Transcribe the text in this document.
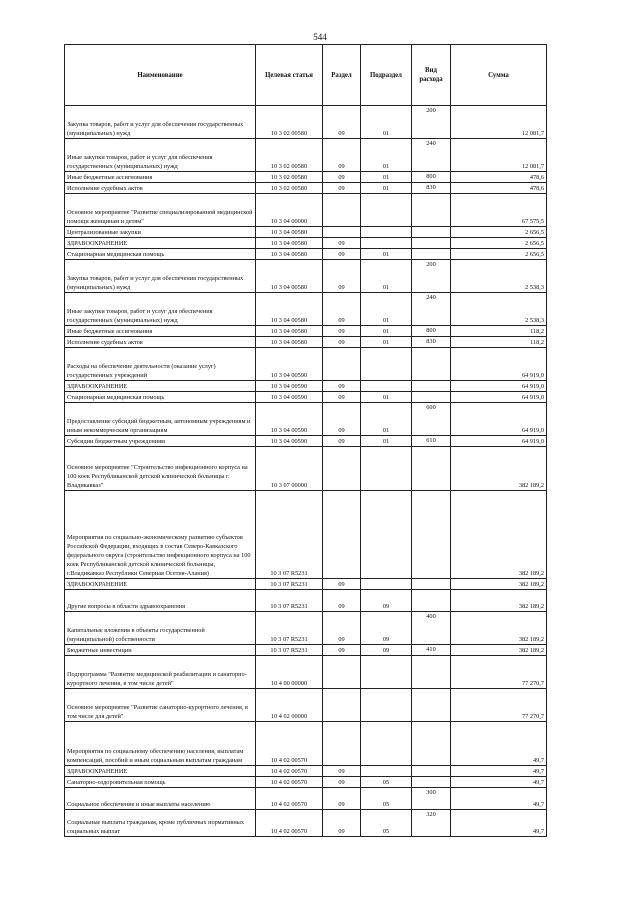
544
Наименование	Целевая статья	Раздел	Подраздел	Вид расхода	Сумма
Закупка товаров, работ и услуг для обеспечения государственных (муниципальных) нужд	10 3 02 00580	09	01	200	12 081,7
Иные закупки товаров, работ и услуг для обеспечения государственных (муниципальных) нужд	10 3 02 00580	09	01	240	12 081,7
Иные бюджетные ассигнования	10 3 02 00580	09	01	800	478,6
Исполнение судебных актов	10 3 02 00580	09	01	830	478,6
Основное мероприятие "Развитие специализированной медицинской помощи женщинам и детям"	10 3 04 00000				67 575,5
Централизованные закупки	10 3 04 00580				2 656,5
ЗДРАВООХРАНЕНИЕ	10 3 04 00580	09			2 656,5
Стационарная медицинская помощь	10 3 04 00580	09	01		2 656,5
Закупка товаров, работ и услуг для обеспечения государственных (муниципальных) нужд	10 3 04 00580	09	01	200	2 538,3
Иные закупки товаров, работ и услуг для обеспечения государственных (муниципальных) нужд	10 3 04 00580	09	01	240	2 538,3
Иные бюджетные ассигнования	10 3 04 00580	09	01	800	118,2
Исполнение судебных актов	10 3 04 00580	09	01	830	118,2
Расходы на обеспечение деятельности (оказание услуг) государственных учреждений	10 3 04 00590				64 919,0
ЗДРАВООХРАНЕНИЕ	10 3 04 00590	09			64 919,0
Стационарная медицинская помощь	10 3 04 00590	09	01		64 919,0
Предоставление субсидий бюджетным, автономным учреждениям и иным некоммерческим организациям	10 3 04 00590	09	01	600	64 919,0
Субсидии бюджетным учреждениям	10 3 04 00590	09	01	610	64 919,0
Основное мероприятие "Строительство инфекционного корпуса на 100 коек Республиканской детской клинической больницы г. Владикавказ"	10 3 07 00000				382 189,2
Мероприятия по социально-экономическому развитию субъектов Российской Федерации, входящих в состав Северо-Кавказского федерального округа (строительство инфекционного корпуса на 100 коек Республиканской детской клинической больницы, г.Владикавказ Республики Северная Осетия-Алания)	10 3 07 R5231				382 189,2
ЗДРАВООХРАНЕНИЕ	10 3 07 R5231	09			382 189,2
Другие вопросы в области здравоохранения	10 3 07 R5231	09	09		382 189,2
Капитальные вложения в объекты государственной (муниципальной) собственности	10 3 07 R5231	09	09	400	382 189,2
Бюджетные инвестиции	10 3 07 R5231	09	09	410	382 189,2
Подпрограмма "Развитие медицинской реабилитации и санаторно-курортного лечения, в том числе детей"	10 4 00 00000				77 270,7
Основное мероприятие "Развитие санаторно-курортного лечения, в том числе для детей"	10 4 02 00000				77 270,7
Мероприятия по социальному обеспечению населения, выплатам компенсаций, пособий и иным социальным выплатам гражданам	10 4 02 00570				49,7
ЗДРАВООХРАНЕНИЕ	10 4 02 00570	09			49,7
Санаторно-оздоровительная помощь	10 4 02 00570	09	05		49,7
Социальное обеспечение и иные выплаты населению	10 4 02 00570	09	05	300	49,7
Социальные выплаты гражданам, кроме публичных нормативных социальных выплат	10 4 02 00570	09	05	320	49,7
